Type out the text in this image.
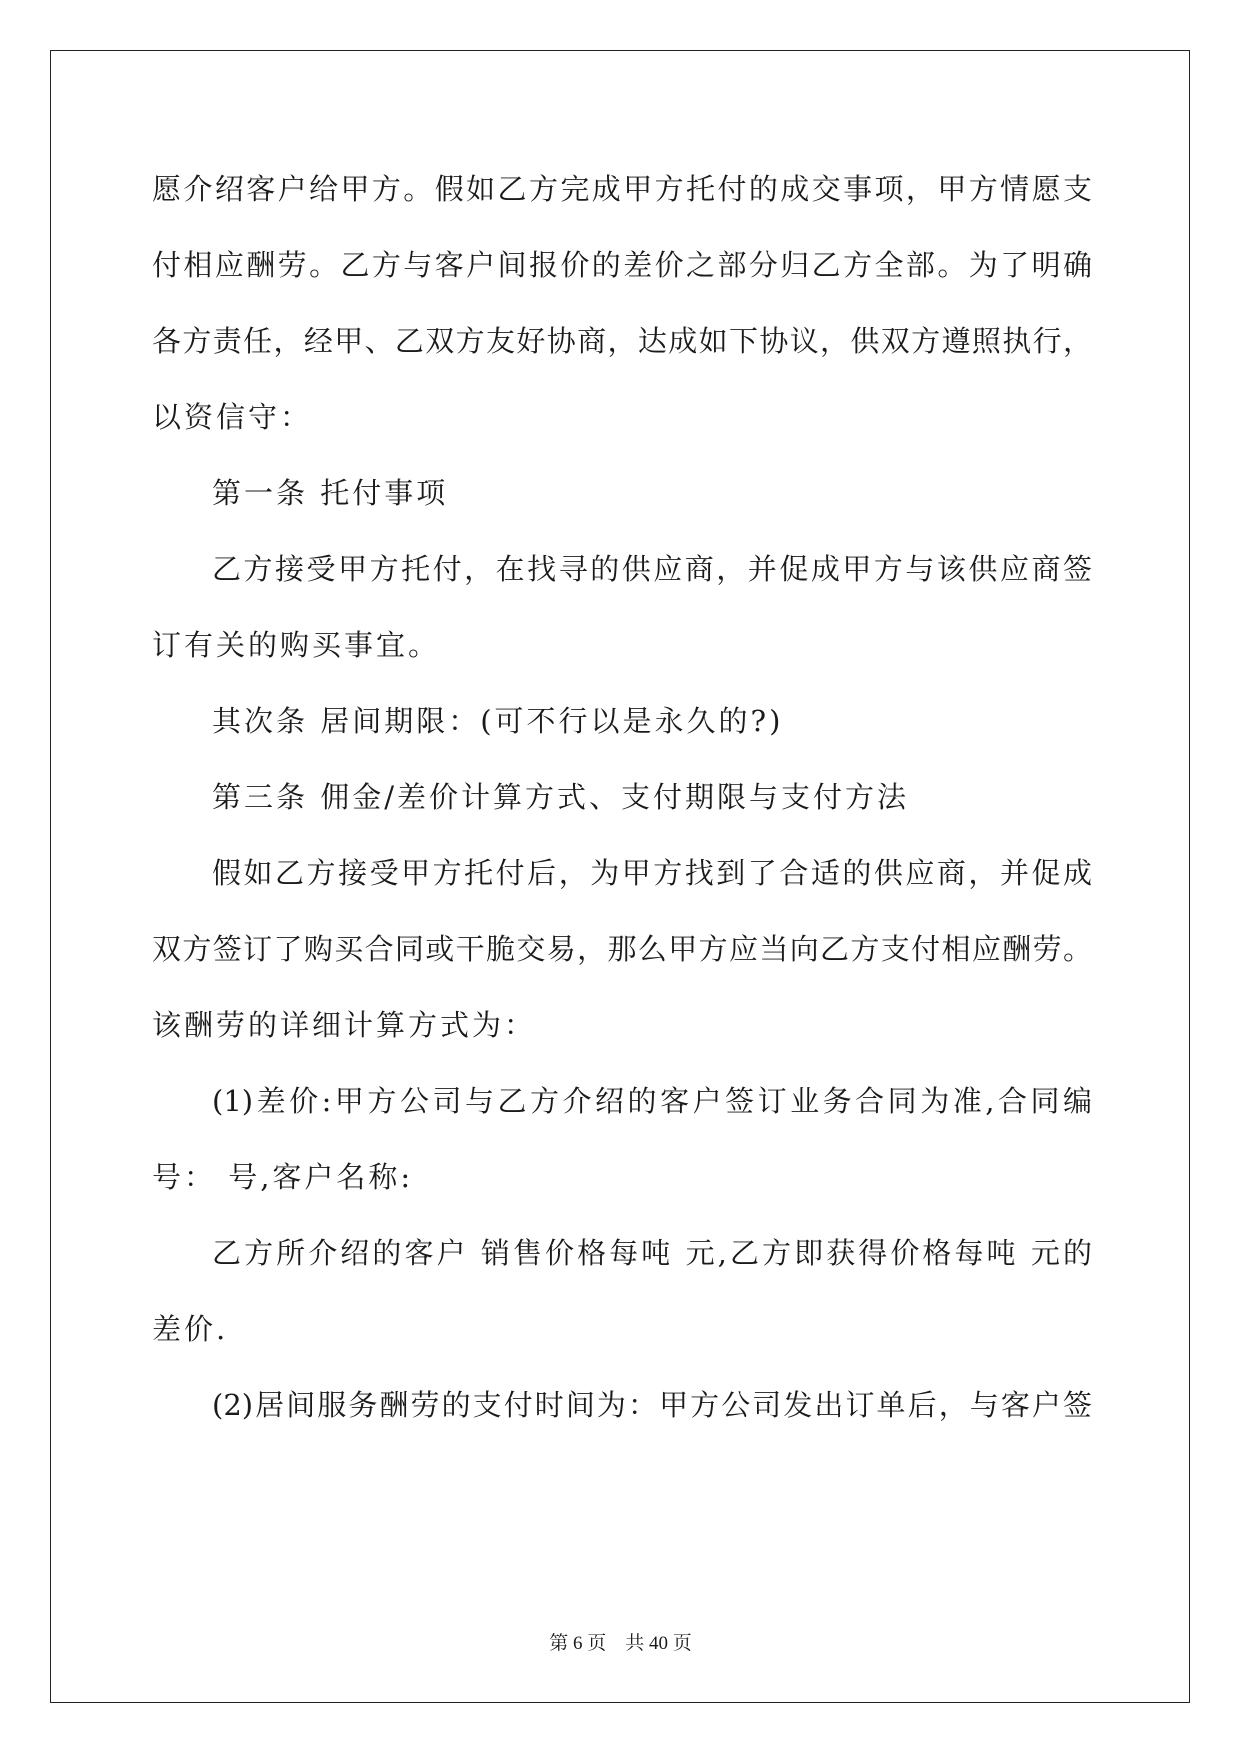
愿介绍客户给甲方。假如乙方完成甲方托付的成交事项，甲方情愿支
付相应酬劳。乙方与客户间报价的差价之部分归乙方全部。为了明确
各方责任，经甲、乙双方友好协商，达成如下协议，供双方遵照执行，
以资信守：
第一条 托付事项
乙方接受甲方托付，在找寻的供应商，并促成甲方与该供应商签
订有关的购买事宜。
其次条 居间期限：(可不行以是永久的?)
第三条 佣金/差价计算方式、支付期限与支付方法
假如乙方接受甲方托付后，为甲方找到了合适的供应商，并促成
双方签订了购买合同或干脆交易，那么甲方应当向乙方支付相应酬劳。
该酬劳的详细计算方式为：
(1)差价:甲方公司与乙方介绍的客户签订业务合同为准,合同编
号： 号,客户名称:
乙方所介绍的客户 销售价格每吨 元,乙方即获得价格每吨 元的
差价.
(2)居间服务酬劳的支付时间为：甲方公司发出订单后，与客户签
第 6 页    共 40 页
